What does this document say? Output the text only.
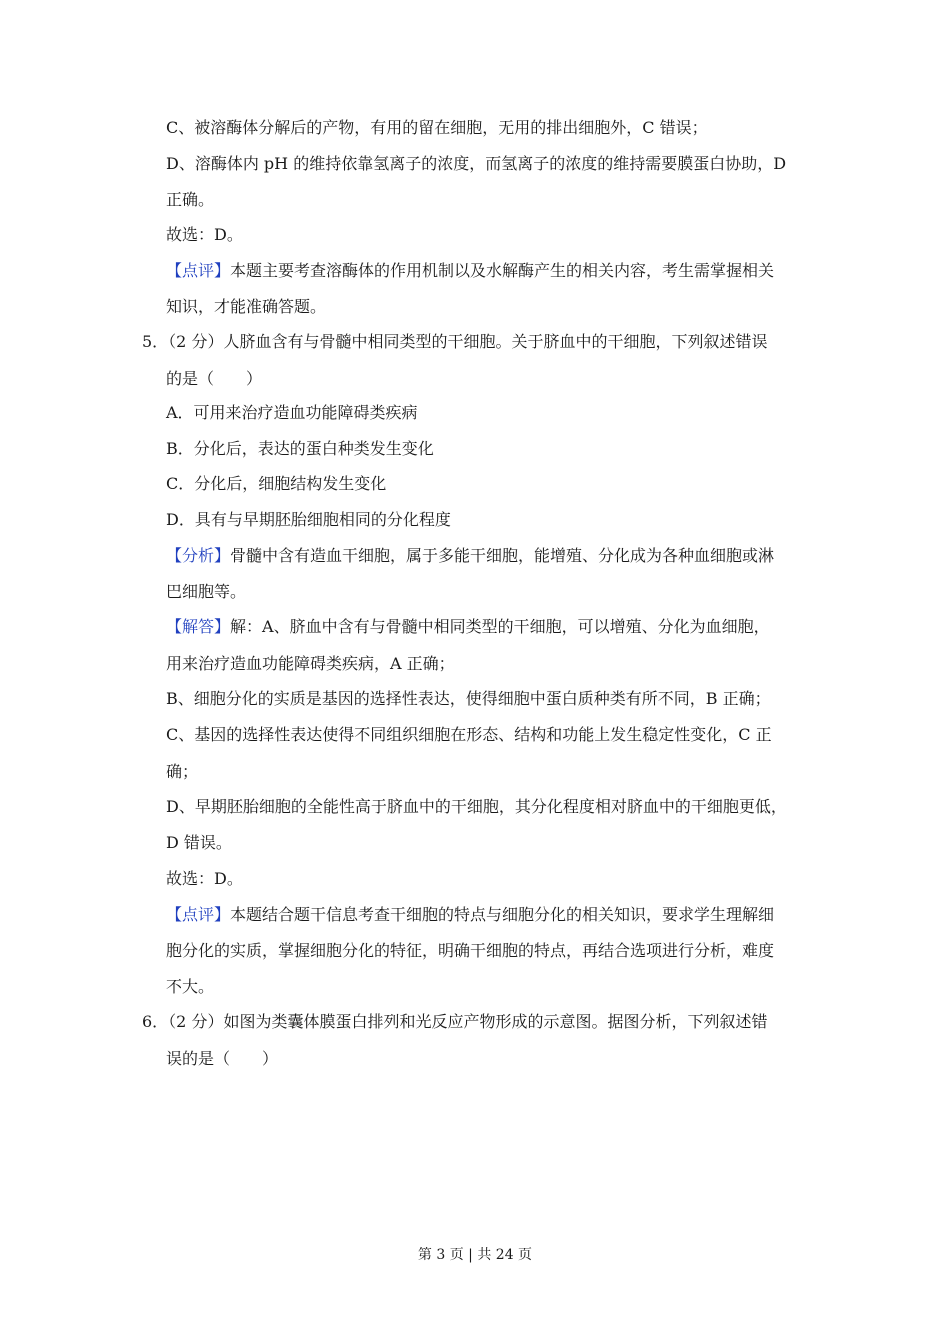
C、被溶酶体分解后的产物，有用的留在细胞，无用的排出细胞外，C 错误；
D、溶酶体内 pH 的维持依靠氢离子的浓度，而氢离子的浓度的维持需要膜蛋白协助，D
正确。
故选：D。
【点评】本题主要考查溶酶体的作用机制以及水解酶产生的相关内容，考生需掌握相关
知识，才能准确答题。
5．（2 分）人脐血含有与骨髓中相同类型的干细胞。关于脐血中的干细胞，下列叙述错误
的是（　　）
A．可用来治疗造血功能障碍类疾病
B．分化后，表达的蛋白种类发生变化
C．分化后，细胞结构发生变化
D．具有与早期胚胎细胞相同的分化程度
【分析】骨髓中含有造血干细胞，属于多能干细胞，能增殖、分化成为各种血细胞或淋
巴细胞等。
【解答】解：A、脐血中含有与骨髓中相同类型的干细胞，可以增殖、分化为血细胞，
用来治疗造血功能障碍类疾病，A 正确；
B、细胞分化的实质是基因的选择性表达，使得细胞中蛋白质种类有所不同，B 正确；
C、基因的选择性表达使得不同组织细胞在形态、结构和功能上发生稳定性变化，C 正
确；
D、早期胚胎细胞的全能性高于脐血中的干细胞，其分化程度相对脐血中的干细胞更低，
D 错误。
故选：D。
【点评】本题结合题干信息考查干细胞的特点与细胞分化的相关知识，要求学生理解细
胞分化的实质，掌握细胞分化的特征，明确干细胞的特点，再结合选项进行分析，难度
不大。
6．（2 分）如图为类囊体膜蛋白排列和光反应产物形成的示意图。据图分析，下列叙述错
误的是（　　）
第 3 页 | 共 24 页
